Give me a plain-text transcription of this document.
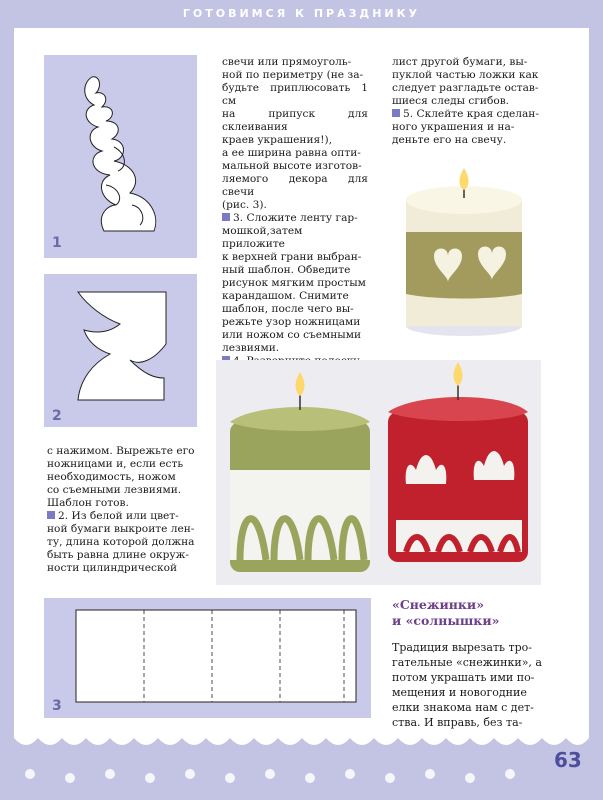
ГОТОВИМСЯ К ПРАЗДНИКУ
1
2
3

свечи или прямоуголь-

ной по периметру (не за-

будьте приплюсовать 1 см

на припуск для склеивания

краев украшения!),

а ее ширина равна опти-

мальной высоте изготов-

ляемого декора для свечи

(рис. 3).

3. Сложите ленту гар-

мошкой,затем приложите

к верхней грани выбран-

ный шаблон. Обведите

рисунок мягким простым

карандашом. Снимите

шаблон, после чего вы-

режьте узор ножницами

или ножом со съемными

лезвиями.

лист другой бумаги, вы-

пуклой частью ложки как

следует разгладьте остав-

шиеся следы сгибов.

5. Склейте края сделан-

ного украшения и на-

деньте его на свечу.

с нажимом. Вырежьте его

ножницами и, если есть

необходимость, ножом

со съемными лезвиями.

Шаблон готов.

2. Из белой или цвет-

ной бумаги выкроите лен-

ту, длина которой должна

быть равна длине окруж-

ности цилиндрической

«Снежинки»
и «солнышки»

Традиция вырезать тро-

гательные «снежинки», а

потом украшать ими по-

мещения и новогодние

елки знакома нам с дет-

ства. И вправь, без та-

63
